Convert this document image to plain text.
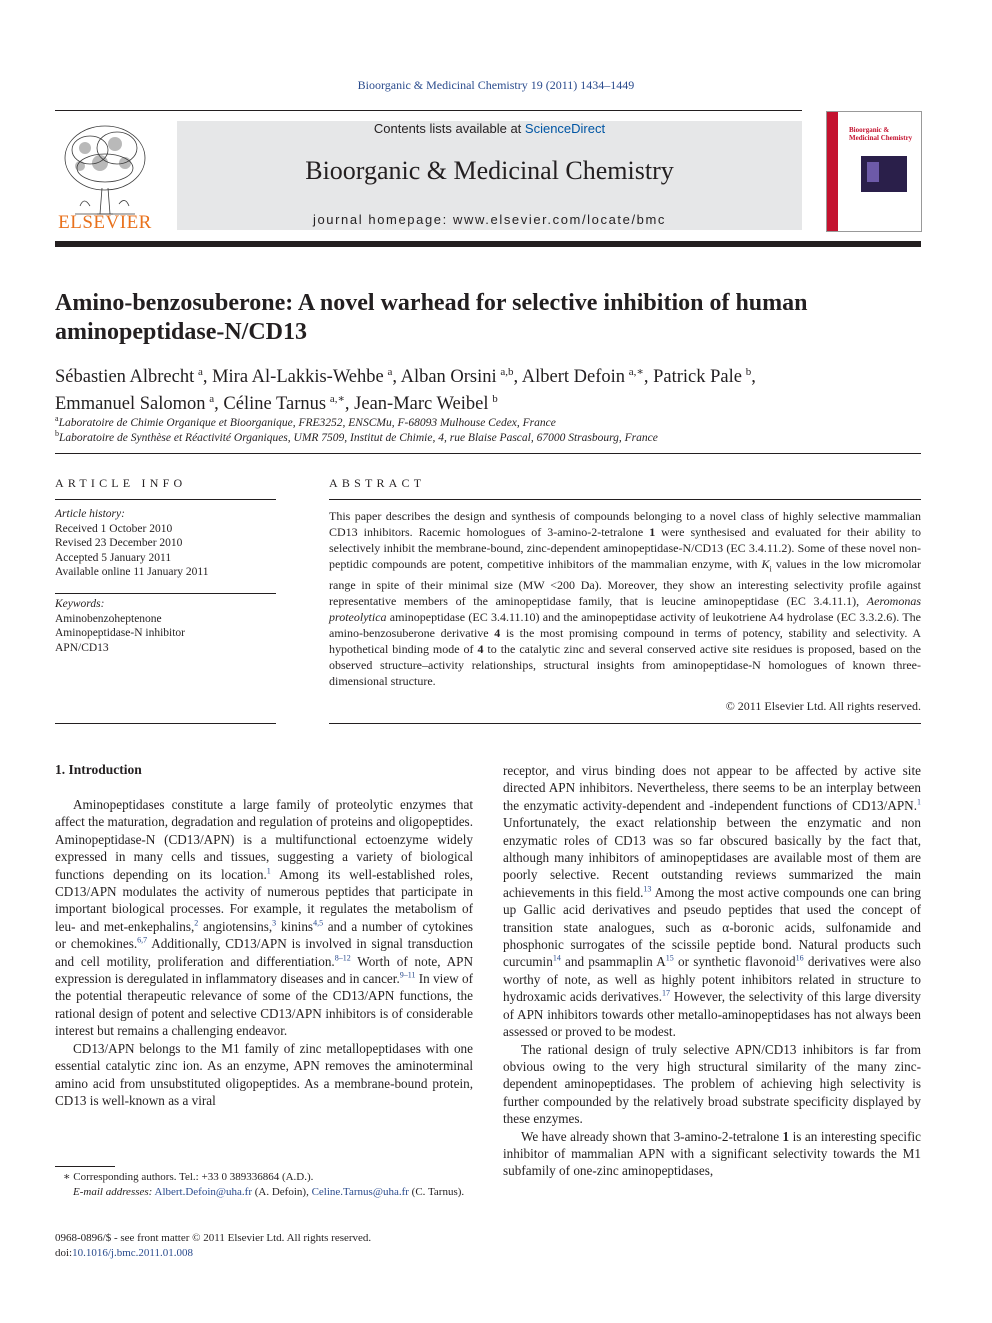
Bioorganic & Medicinal Chemistry 19 (2011) 1434–1449
ELSEVIER
Contents lists available at ScienceDirect
Bioorganic & Medicinal Chemistry
journal homepage: www.elsevier.com/locate/bmc
Bioorganic & Medicinal Chemistry
Amino-benzosuberone: A novel warhead for selective inhibition of human aminopeptidase-N/CD13
Sébastien Albrecht  $^a$, Mira Al-Lakkis-Wehbe  $^a$, Alban Orsini  $^{a,b}$, Albert Defoin  $^{a,∗}$, Patrick Pale  $^b$,
Emmanuel Salomon  $^a$, Céline Tarnus  $^{a,∗}$, Jean-Marc Weibel  $^b$
$^a$Laboratoire de Chimie Organique et Bioorganique, FRE3252, ENSCMu, F-68093 Mulhouse Cedex, France
$^b$Laboratoire de Synthèse et Réactivité Organiques, UMR 7509, Institut de Chimie, 4, rue Blaise Pascal, 67000 Strasbourg, France
ARTICLE INFO
Article history:
Received 1 October 2010
Revised 23 December 2010
Accepted 5 January 2011
Available online 11 January 2011
Keywords:
Aminobenzoheptenone
Aminopeptidase-N inhibitor
APN/CD13
ABSTRACT
This paper describes the design and synthesis of compounds belonging to a novel class of highly selective mammalian CD13 inhibitors. Racemic homologues of 3-amino-2-tetralone 1 were synthesised and evaluated for their ability to selectively inhibit the membrane-bound, zinc-dependent aminopeptidase-N/CD13 (EC 3.4.11.2). Some of these novel non-peptidic compounds are potent, competitive inhibitors of the mammalian enzyme, with $K_i$ values in the low micromolar range in spite of their minimal size (MW <200 Da). Moreover, they show an interesting selectivity profile against representative members of the aminopeptidase family, that is leucine aminopeptidase (EC 3.4.11.1), Aeromonas proteolytica aminopeptidase (EC 3.4.11.10) and the aminopeptidase activity of leukotriene A4 hydrolase (EC 3.3.2.6). The amino-benzosuberone derivative 4 is the most promising compound in terms of potency, stability and selectivity. A hypothetical binding mode of 4 to the catalytic zinc and several conserved active site residues is proposed, based on the observed structure–activity relationships, structural insights from aminopeptidase-N homologues of known three-dimensional structure.
© 2011 Elsevier Ltd. All rights reserved.
1. Introduction

Aminopeptidases constitute a large family of proteolytic enzymes that affect the maturation, degradation and regulation of proteins and oligopeptides. Aminopeptidase-N (CD13/APN) is a multifunctional ectoenzyme widely expressed in many cells and tissues, suggesting a variety of biological functions depending on its location.$^1$ Among its well-established roles, CD13/APN modulates the activity of numerous peptides that participate in important biological processes. For example, it regulates the metabolism of leu- and met-enkephalins,$^2$ angiotensins,$^3$ kinins$^{4,5}$ and a number of cytokines or chemokines.$^{6,7}$ Additionally, CD13/APN is involved in signal transduction and cell motility, proliferation and differentiation.$^{8-12}$ Worth of note, APN expression is deregulated in inflammatory diseases and in cancer.$^{9-11}$ In view of the potential therapeutic relevance of some of the CD13/APN functions, the rational design of potent and selective CD13/APN inhibitors is of considerable interest but remains a challenging endeavor.

CD13/APN belongs to the M1 family of zinc metallopeptidases with one essential catalytic zinc ion. As an enzyme, APN removes the aminoterminal amino acid from unsubstituted oligopeptides. As a membrane-bound protein, CD13 is well-known as a viral

receptor, and virus binding does not appear to be affected by active site directed APN inhibitors. Nevertheless, there seems to be an interplay between the enzymatic activity-dependent and -independent functions of CD13/APN.$^1$ Unfortunately, the exact relationship between the enzymatic and non enzymatic roles of CD13 was so far obscured basically by the fact that, although many inhibitors of aminopeptidases are available most of them are poorly selective. Recent outstanding reviews summarized the main achievements in this field.$^{13}$ Among the most active compounds one can bring up Gallic acid derivatives and pseudo peptides that used the concept of transition state analogues, such as α-boronic acids, sulfonamide and phosphonic surrogates of the scissile peptide bond. Natural products such curcumin$^{14}$ and psammaplin $A^{15}$ or synthetic flavonoid$^{16}$ derivatives were also worthy of note, as well as highly potent inhibitors related in structure to hydroxamic acids derivatives.$^{17}$ However, the selectivity of this large diversity of APN inhibitors towards other metallo-aminopeptidases has not always been assessed or proved to be modest.

The rational design of truly selective APN/CD13 inhibitors is far from obvious owing to the very high structural similarity of the many zinc-dependent aminopeptidases. The problem of achieving high selectivity is further compounded by the relatively broad substrate specificity displayed by these enzymes.

We have already shown that 3-amino-2-tetralone 1 is an interesting specific inhibitor of mammalian APN with a significant selectivity towards the M1 subfamily of one-zinc aminopeptidases,

∗ Corresponding authors. Tel.: +33 0 389336864 (A.D.).
E-mail addresses: Albert.Defoin@uha.fr (A. Defoin), Celine.Tarnus@uha.fr (C. Tarnus).
0968-0896/$ - see front matter © 2011 Elsevier Ltd. All rights reserved.
doi:10.1016/j.bmc.2011.01.008
